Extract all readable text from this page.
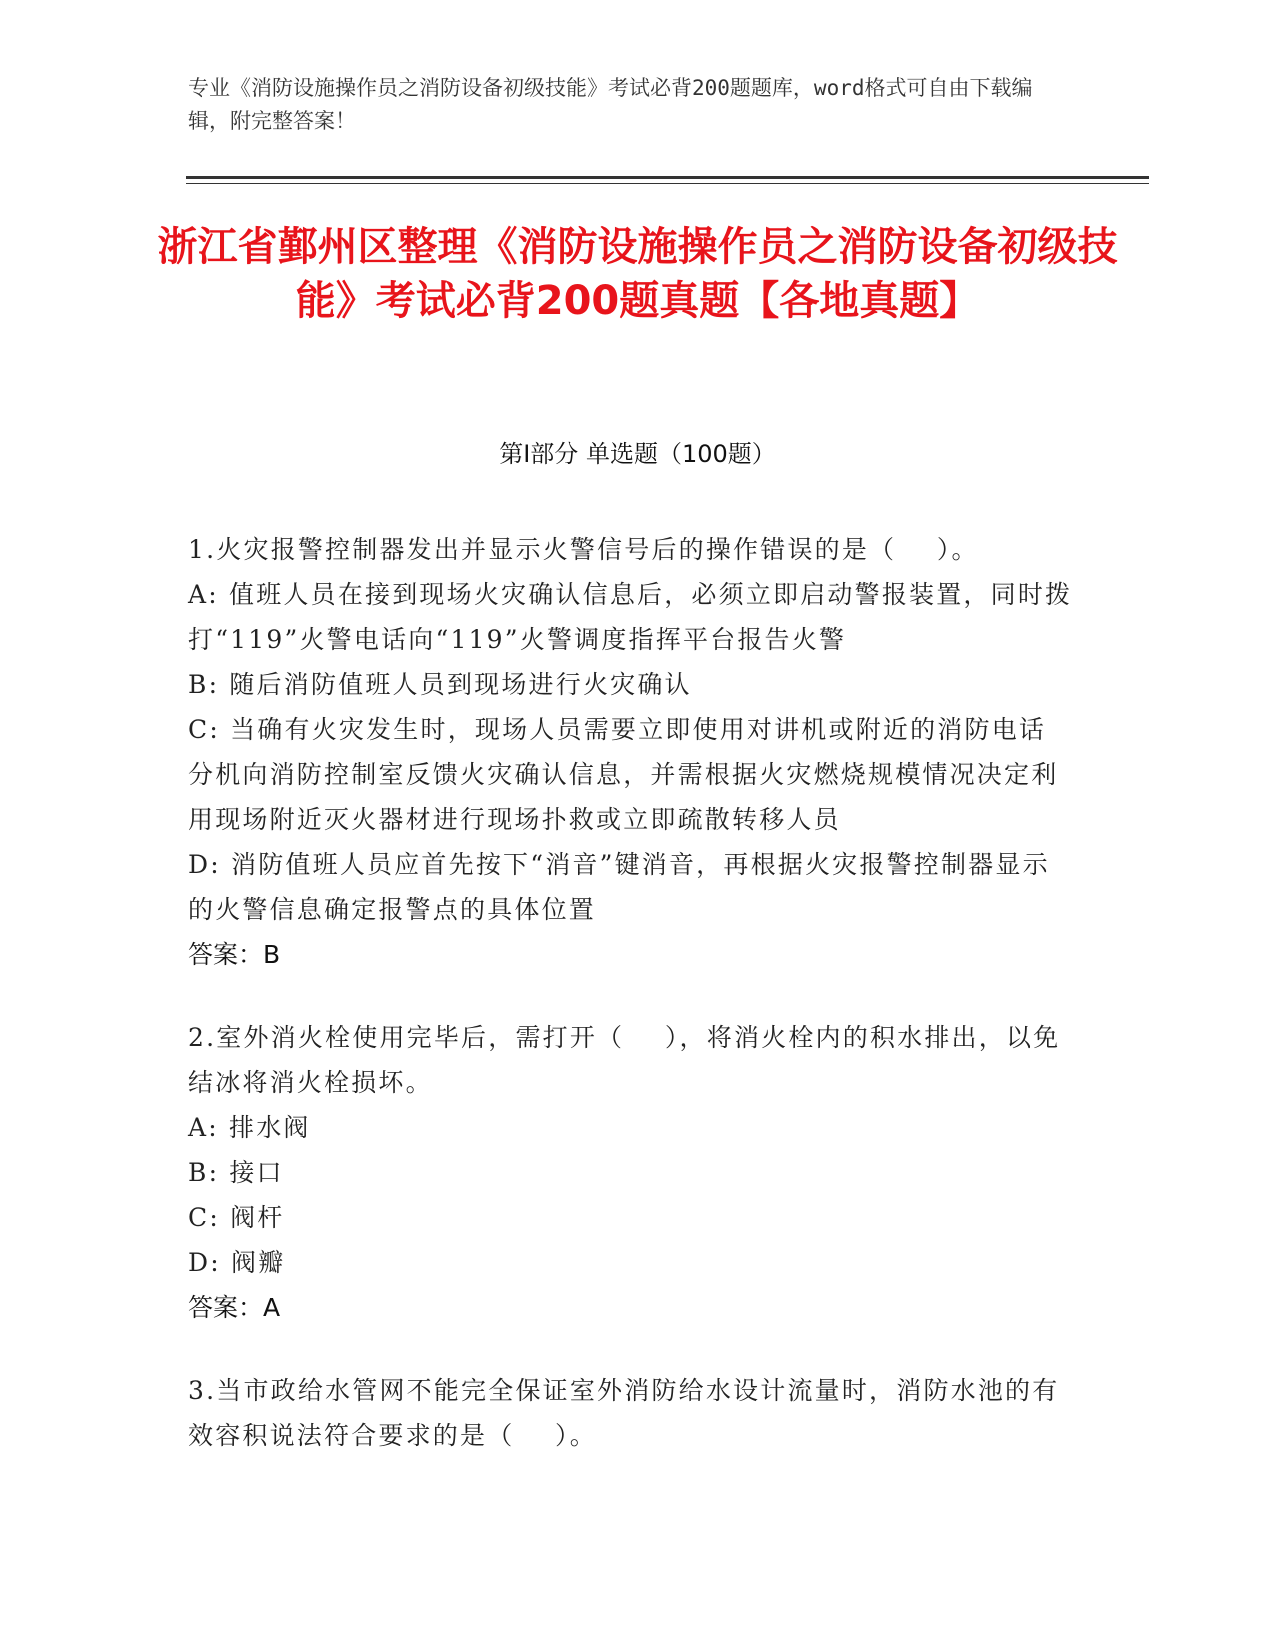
专业《消防设施操作员之消防设备初级技能》考试必背200题题库，word格式可自由下载编辑，附完整答案！
浙江省鄞州区整理《消防设施操作员之消防设备初级技能》考试必背200题真题【各地真题】
第I部分 单选题（100题）

1.火灾报警控制器发出并显示火警信号后的操作错误的是（    ）。

A: 值班人员在接到现场火灾确认信息后，必须立即启动警报装置，同时拨打“119”火警电话向“119”火警调度指挥平台报告火警

B: 随后消防值班人员到现场进行火灾确认

C: 当确有火灾发生时，现场人员需要立即使用对讲机或附近的消防电话分机向消防控制室反馈火灾确认信息，并需根据火灾燃烧规模情况决定利用现场附近灭火器材进行现场扑救或立即疏散转移人员

D: 消防值班人员应首先按下“消音”键消音，再根据火灾报警控制器显示的火警信息确定报警点的具体位置

答案：B

2.室外消火栓使用完毕后，需打开（    ），将消火栓内的积水排出，以免结冰将消火栓损坏。

A: 排水阀

B: 接口

C: 阀杆

D: 阀瓣

答案：A

3.当市政给水管网不能完全保证室外消防给水设计流量时，消防水池的有效容积说法符合要求的是（    ）。
